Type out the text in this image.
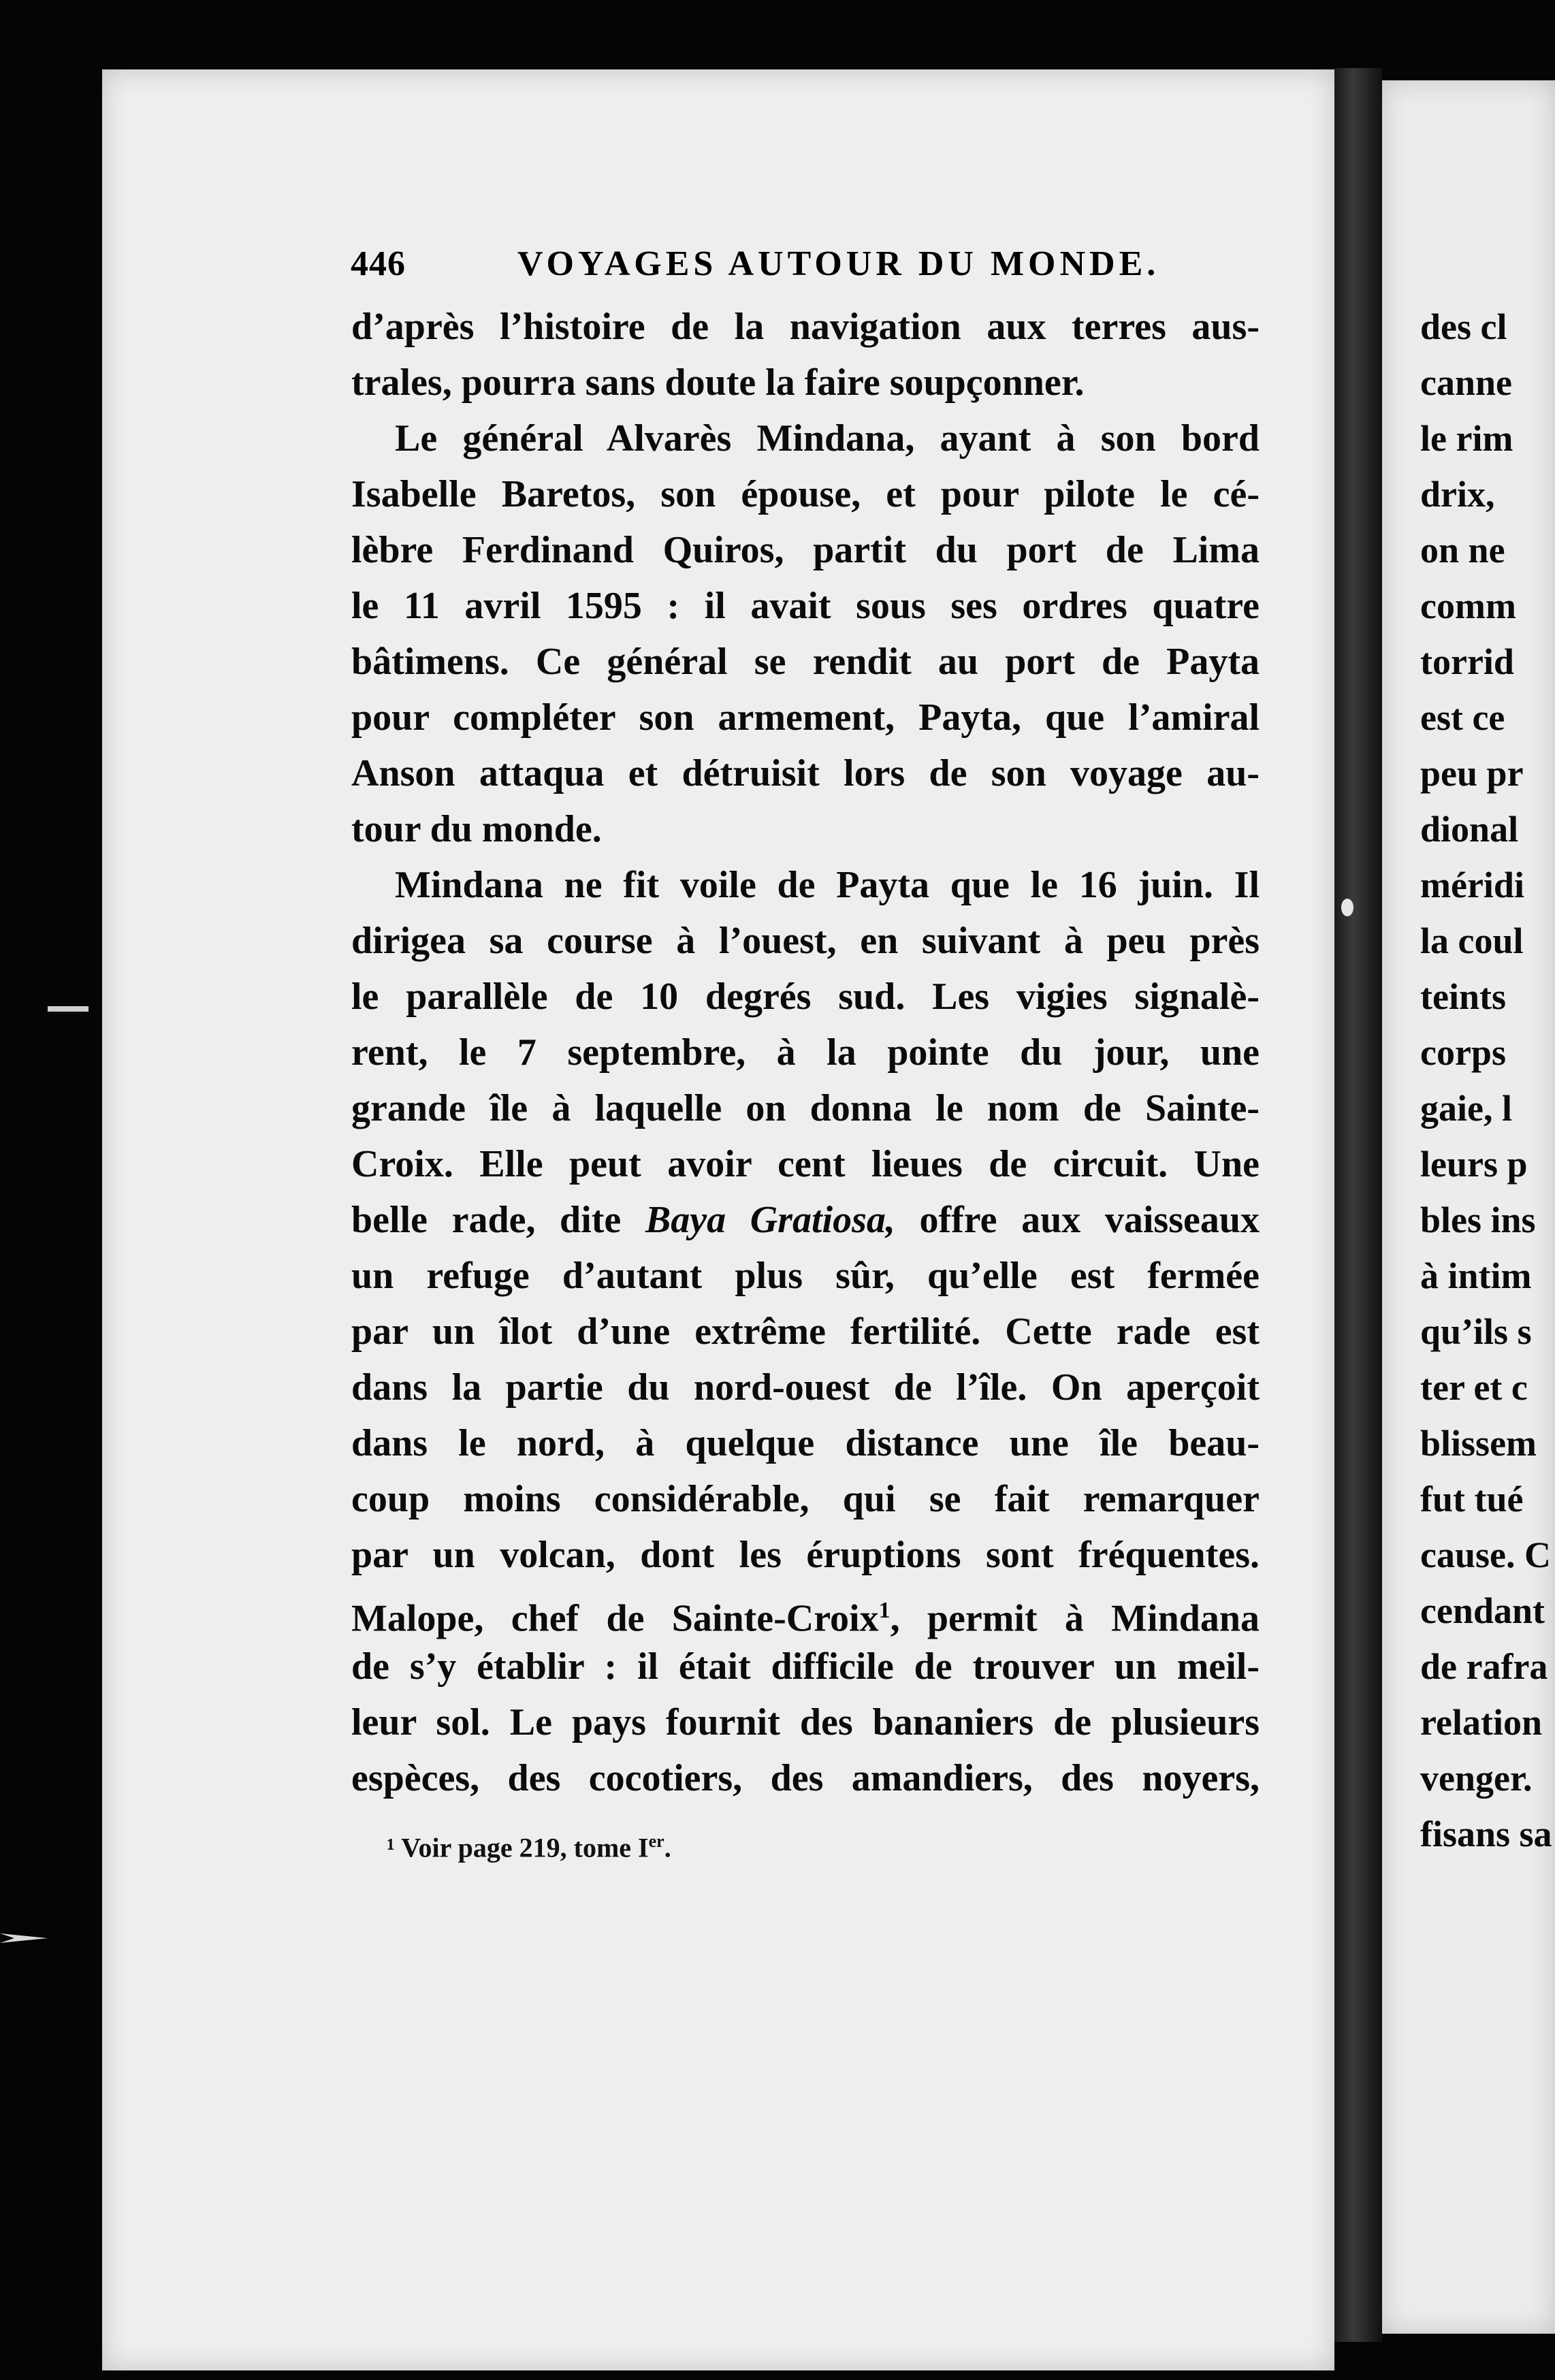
446	VOYAGES AUTOUR DU MONDE.
d’après l’histoire de la navigation aux terres aus-
trales, pourra sans doute la faire soupçonner.
Le général Alvarès Mindana, ayant à son bord
Isabelle Baretos, son épouse, et pour pilote le cé-
lèbre Ferdinand Quiros, partit du port de Lima
le 11 avril 1595 : il avait sous ses ordres quatre
bâtimens. Ce général se rendit au port de Payta
pour compléter son armement, Payta, que l’amiral
Anson attaqua et détruisit lors de son voyage au-
tour du monde.
Mindana ne fit voile de Payta que le 16 juin. Il
dirigea sa course à l’ouest, en suivant à peu près
le parallèle de 10 degrés sud. Les vigies signalè-
rent, le 7 septembre, à la pointe du jour, une
grande île à laquelle on donna le nom de Sainte-
Croix. Elle peut avoir cent lieues de circuit. Une
belle rade, dite Baya Gratiosa, offre aux vaisseaux
un refuge d’autant plus sûr, qu’elle est fermée
par un îlot d’une extrême fertilité. Cette rade est
dans la partie du nord-ouest de l’île. On aperçoit
dans le nord, à quelque distance une île beau-
coup moins considérable, qui se fait remarquer
par un volcan, dont les éruptions sont fréquentes.
Malope, chef de Sainte-Croix$^1$, permit à Mindana
de s’y établir : il était difficile de trouver un meil-
leur sol. Le pays fournit des bananiers de plusieurs
espèces, des cocotiers, des amandiers, des noyers,
¹ Voir page 219, tome Ier.
des cl
canne
le rim
drix,
on ne
comm
torrid
est ce
peu pr
dional
méridi
la coul
teints
corps
gaie, l
leurs p
bles ins
à intim
qu’ils s
ter et c
blissem
fut tué
cause. C
cendant
de rafra
relation
venger.
fisans sa
